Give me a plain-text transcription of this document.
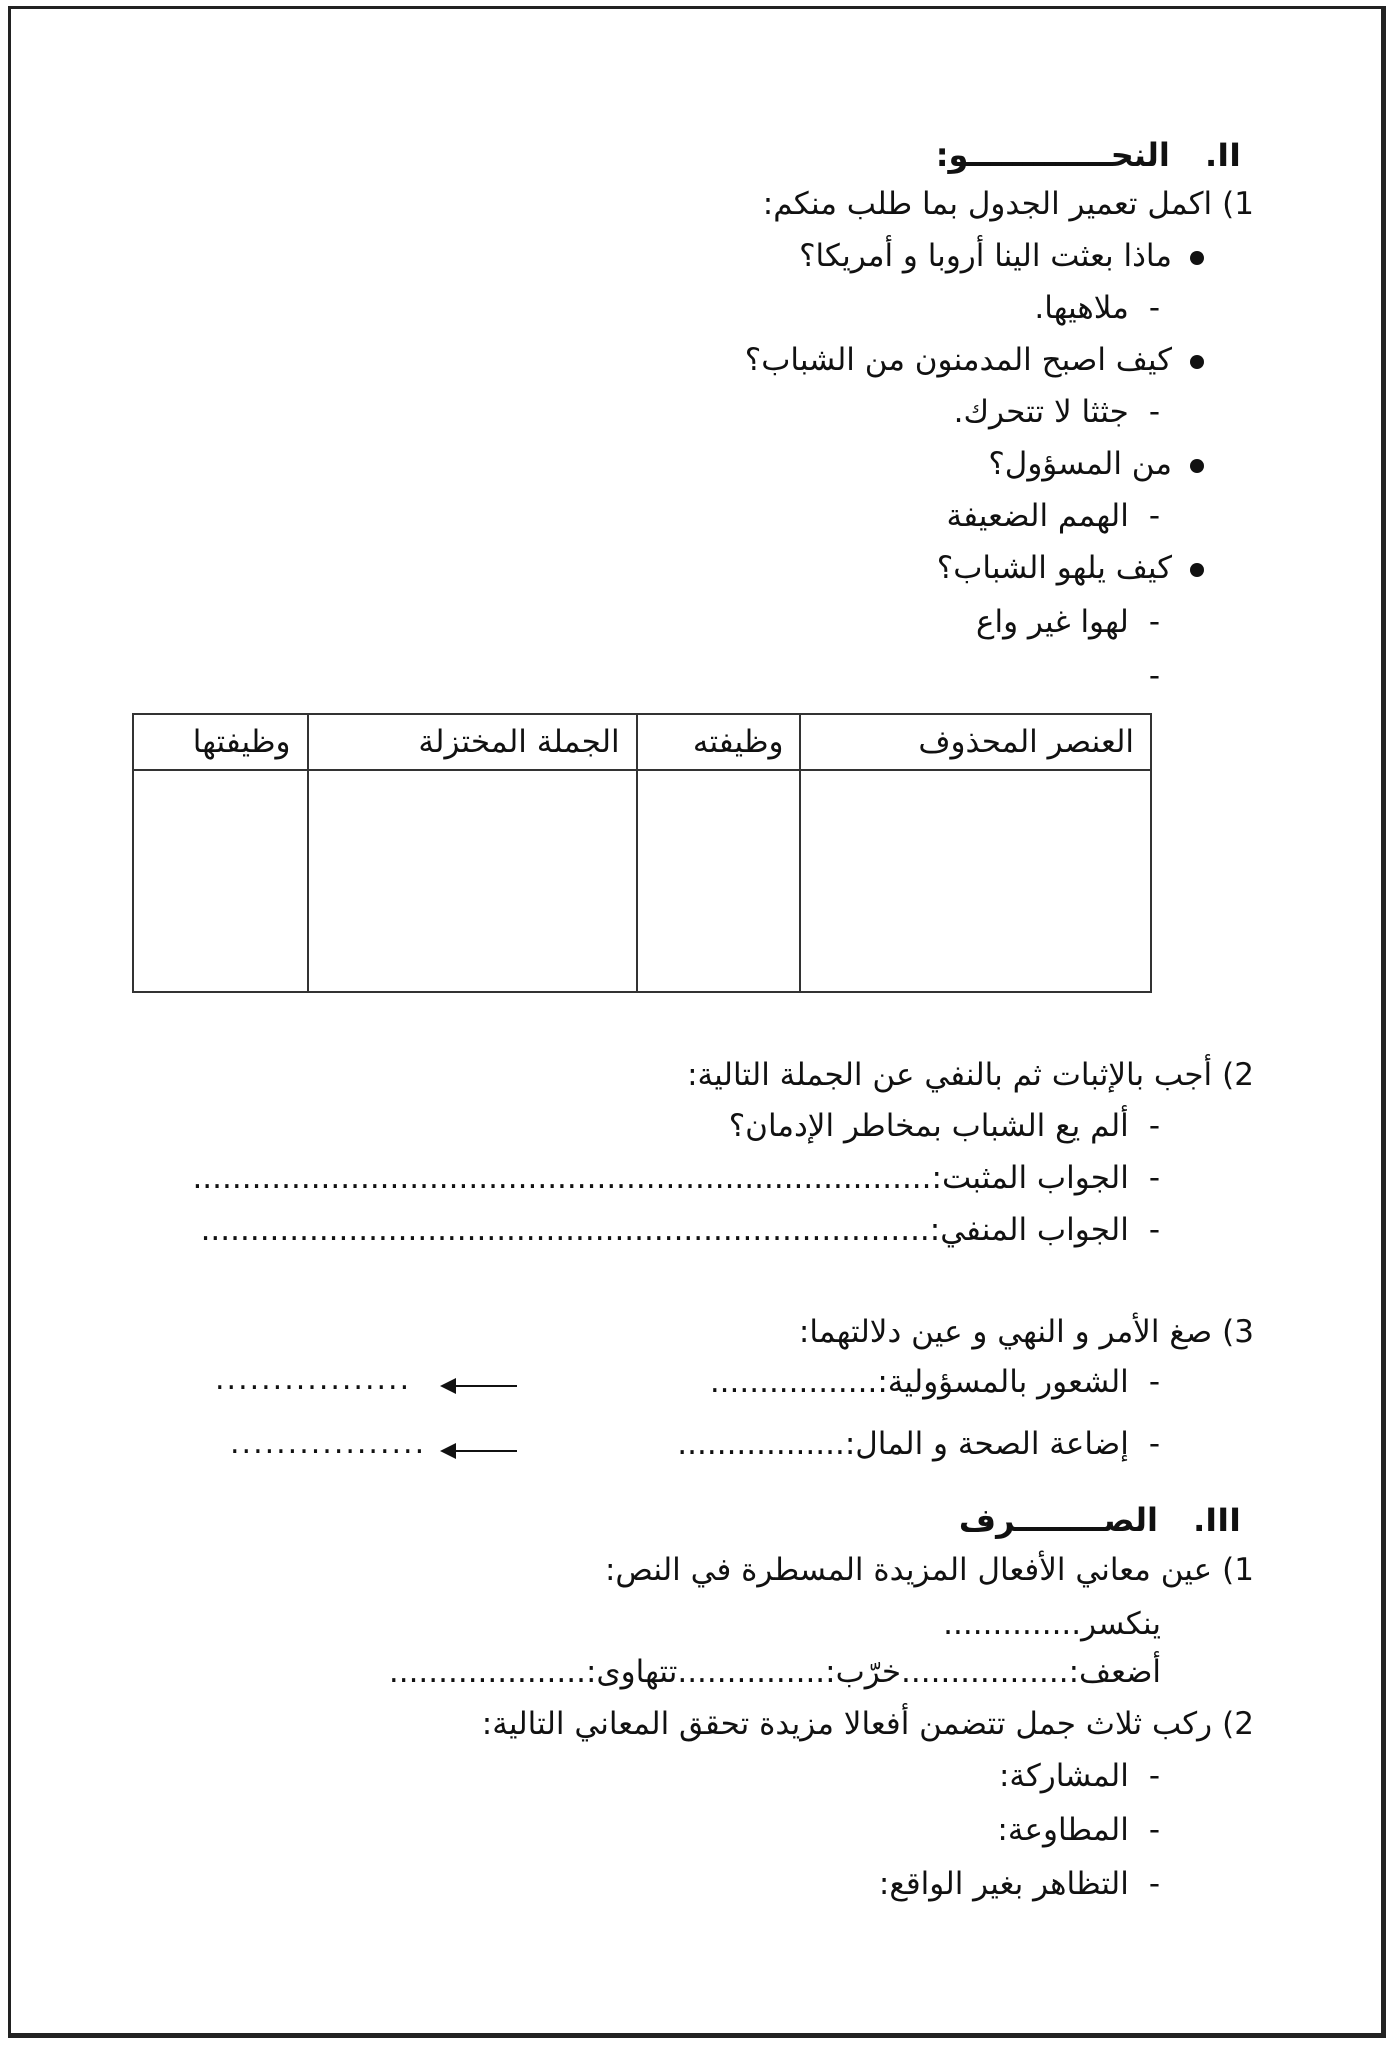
II. النحـــــــــــــو:
1)اكمل تعمير الجدول بما طلب منكم:
ماذا بعثت الينا أروبا و أمريكا؟
-ملاهيها.
كيف اصبح المدمنون من الشباب؟
-جثثا لا تتحرك.
من المسؤول؟
-الهمم الضعيفة
كيف يلهو الشباب؟
-لهوا غير واع
-
العنصر المحذوف	وظيفته	الجملة المختزلة	وظيفتها

2)أجب بالإثبات ثم بالنفي عن الجملة التالية:
-ألم يع الشباب بمخاطر الإدمان؟
-الجواب المثبت:...........................................................................
-الجواب المنفي:..........................................................................
3)صغ الأمر و النهي و عين دلالتهما:
-الشعور بالمسؤولية:.................
.................
-إضاعة الصحة و المال:.................
.................
III. الصــــــــرف
1)عين معاني الأفعال المزيدة المسطرة في النص:
ينكسر..............
أضعف:.................خرّب:...............تتهاوى:....................
2)ركب ثلاث جمل تتضمن أفعالا مزيدة تحقق المعاني التالية:
-المشاركة:
-المطاوعة:
-التظاهر بغير الواقع:
